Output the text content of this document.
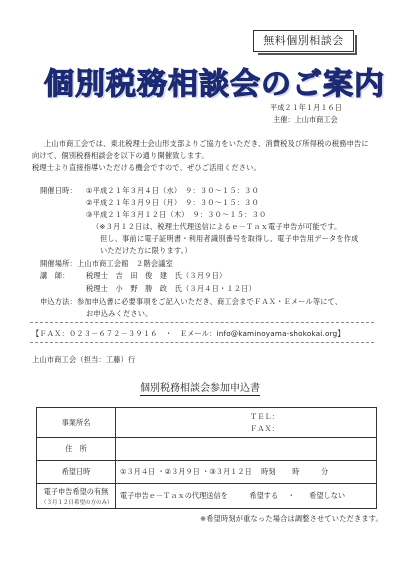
無料個別相談会
個別税務相談会のご案内
平成２１年１月１６日
主催：上山市商工会
上山市商工会では、東北税理士会山形支部よりご協力をいただき、消費税及び所得税の税務申告に
向けて、個別税務相談会を以下の通り開催致します。
税理士より直接指導いただける機会ですので、ぜひご活用ください。
開催日時： ①平成２１年３月４日（水）　９：３０～１５：３０
②平成２１年３月９日（月）　９：３０～１５：３０
③平成２１年３月１２日（木）　９：３０～１５：３０
（※３月１２日は、税理士代理送信によるｅ－Ｔａｘ電子申告が可能です。
但し、事前に電子証明書・利用者識別番号を取得し、電子申告用データを作成
いただけた方に限ります。）
開催場所：上山市商工会館　２階会議室
講　師： 税理士　吉　田　俊　建　氏（３月９日）
税理士　小　野　勝　政　氏（３月４日・１２日）
申込方法：参加申込書に必要事項をご記入いただき、商工会までＦＡＸ・Ｅメール等にて、
お申込みください。
【ＦＡＸ：０２３－６７２－３９１６　・　Ｅメール：info@kaminoyama-shokokai.org】
上山市商工会（担当：工藤）行
個別税務相談会参加申込書
事業所名	ＴＥＬ：
ＦＡＸ：

住　所	
希望日時	①３月４日 ・②３月９日 ・③３月１２日　 時刻　　 時　　　分
電子申告希望の有無
（３月１２日希望の方のみ）	電子申告ｅ－Ｔａｘの代理送信を　　　希望する　 ・　　希望しない
※希望時刻が重なった場合は調整させていただきます。
